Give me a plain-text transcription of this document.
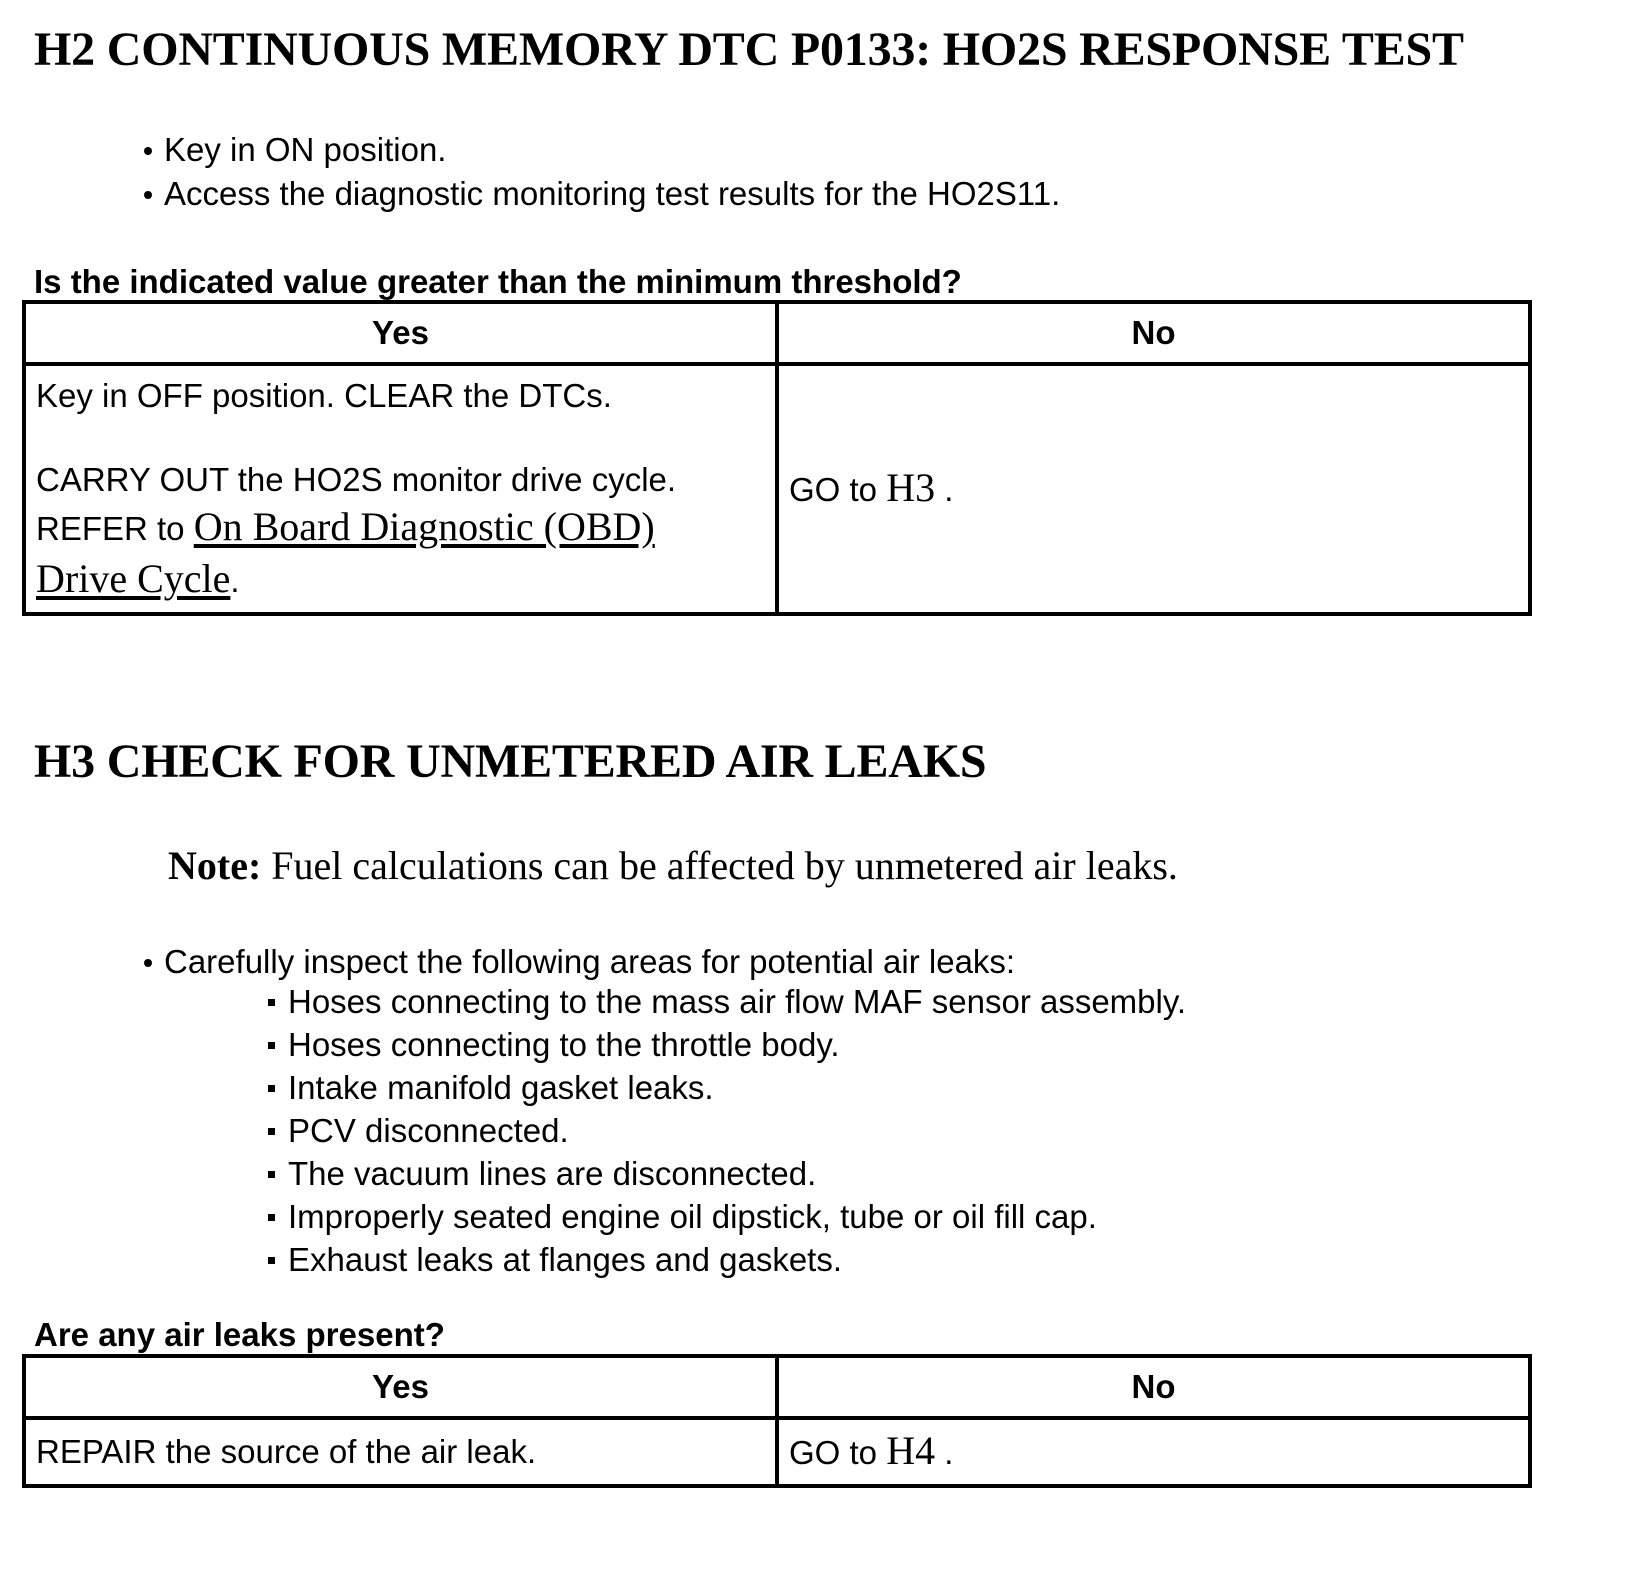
H2 CONTINUOUS MEMORY DTC P0133: HO2S RESPONSE TEST
Key in ON position.
Access the diagnostic monitoring test results for the HO2S11.

Is the indicated value greater than the minimum threshold?

Yes	No

Key in OFF position. CLEAR the DTCs.
CARRY OUT the HO2S monitor drive cycle.
REFER to On Board Diagnostic (OBD)
Drive Cycle.	GO to H3 .
H3 CHECK FOR UNMETERED AIR LEAKS

Note: Fuel calculations can be affected by unmetered air leaks.

Carefully inspect the following areas for potential air leaks:
Hoses connecting to the mass air flow MAF sensor assembly.
Hoses connecting to the throttle body.
Intake manifold gasket leaks.
PCV disconnected.
The vacuum lines are disconnected.
Improperly seated engine oil dipstick, tube or oil fill cap.
Exhaust leaks at flanges and gaskets.

Are any air leaks present?

Yes	No
REPAIR the source of the air leak.	GO to H4 .
